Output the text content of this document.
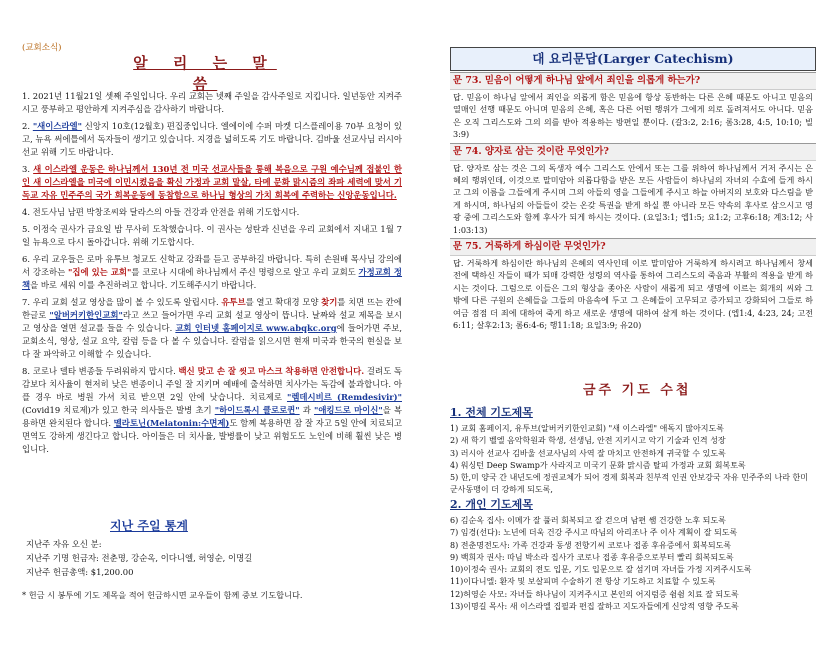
(교회소식)
알 리 는 말 씀
1. 2021년 11월21일 셋째 주일입니다. 우리 교회는 넷째 주일을 감사주일로 지킵니다. 일년동안 지켜주시고 풍부하고 평안하게 지켜주심을 감사하기 바랍니다.
2. "새이스라엘" 신앙지 10호(12월호) 편집중입니다. 엘에이에 수퍼 마켓 디스플레이용 70부 요청이 있고, 뉴욕 써에틀에서 독자들이 생기고 있습니다. 지경을 넓히도록 기도 바랍니다. 김바울 선교사님 러시아 선교 위해 기도 바랍니다.
3. 새 이스라엘 운동은 하나님께서 130년 전 미국 선교사들을 통해 복음으로 구원 예수님께 접붙인 한인 새 이스라엘을 미국에 이민시켰음을 확신 가정과 교회 말살, 타메 문화 맑시즘의 좌파 세력에 맞서 기독교 자유 민주주의 국가 회복운동에 동참함으로 하나님 형상의 가치 회복에 주력하는 신앙운동입니다.
4. 전도사님 남편 박창조씨와 달라스의 아들 건강과 안전을 위해 기도합시다.
5. 이정숙 권사가 금요일 밤 무사히 도착했습니다. 이 권사는 성탄과 신년을 우리 교회에서 지내고 1월 7일 뉴욕으로 다시 돌아갑니다. 위해 기도합시다.
6. 우리 교우들은 로마 유투브 청교도 신학교 강좌를 듣고 공부하길 바랍니다. 특히 손원배 목사님 강의에서 강조하는 "집에 있는 교회"를 코로나 시대에 하나님께서 주신 명령으로 알고 우리 교회도 가정교회 정책을 바로 세워 이를 추진하려고 합니다. 기도해주시기 바랍니다.
7. 우리 교회 설교 영상을 많이 볼 수 있도록 알립시다. 유투브를 열고 확대경 모양 찾기를 치면 뜨는 칸에 한글로 "알버커키한인교회"라고 쓰고 들어가면 우리 교회 설교 영상이 뜹니다. 날짜와 설교 제목을 보시고 영상을 열면 설교를 들을 수 있습니다. 교회 인터넷 홈페이지로 www.abqkc.org에 들어가면 주보, 교회소식, 영상, 설교 요약, 칼럼 등을 다 볼 수 있습니다. 칼럼을 읽으시면 현재 미국과 한국의 현실을 보다 잘 파악하고 이해할 수 있습니다.
8. 코로나 델타 변종들 두려워하지 맙시다. 백신 맞고 손 잘 씻고 마스크 착용하면 안전합니다. 걸려도 독감보다 치사율이 현저히 낮은 변종이니 주일 잘 지키며 예배에 출석하면 치사가는 독감에 불과합니다. 아플 경우 바로 병원 가셔 치료 받으면 2일 안에 낫습니다. 치료제로 "렘데시비르 (Remdesivir)" (Covid19 치료제)가 있고 한국 의사들은 발병 초기 "하이드록시 클로로퀸" 과 "애킹드로 마이신"을 복용하면 완치된다 합니다. 멜라토닌(Melatonin:수면제)도 함께 복용하면 잠 잘 자고 5일 안에 치료되고 면역도 강하게 생긴다고 합니다. 아이들은 더 치사율, 발병률이 낮고 위험도도 노인에 비해 훨씬 낮은 병입니다.
지난 주일 통계
지난주 자유 오신 분:
지난주 기명 헌금자: 전춘명, 강순옥, 이다니엘, 허영순, 이명길
지난주 헌금총액: $1,200.00
* 헌금 시 봉투에 기도 제목을 적어 헌금하시면 교우들이 함께 중보 기도합니다.
대 요리문답(Larger Catechism)
문 73. 믿음이 어떻게 하나님 앞에서 죄인을 의롭게 하는가?
답. 믿음이 하나님 앞에서 죄인을 의롭게 함은 믿음에 항상 동반하는 다른 은혜 때문도 아니고 믿음의 열매인 선행 때문도 아니며 믿음의 은혜, 혹은 다른 어떤 행위가 그에게 의로 돌려져서도 아니다. 믿음은 오직 그리스도와 그의 의를 받아 적용하는 방편일 뿐이다. (갈3:2, 2:16; 롬3:28, 4:5, 10:10; 빌3:9)
문 74. 양자로 삼는 것이란 무엇인가?
답. 양자로 삼는 것은 그의 독생자 예수 그리스도 안에서 또는 그를 위하여 하나님께서 거저 주시는 은혜의 행위인데, 이것으로 말미암아 의롭다함을 받은 모든 사람들이 하나님의 자녀의 수효에 들게 하시고 그의 이름을 그들에게 주시며 그의 아들의 영을 그들에게 주시고 하늘 아버지의 보호와 다스림을 받게 하시며, 하나님의 아들들이 갖는 온갖 특권을 받게 하실 뿐 아니라 모든 약속의 후사로 삼으시고 영광 중에 그리스도와 함께 후사가 되게 하시는 것이다. (요일3:1; 엡1:5; 요1:2; 고후6:18; 계3:12; 사1:03:13)
문 75. 거룩하게 하심이란 무엇인가?
답. 거룩하게 하심이란 하나님의 은혜의 역사인데 이로 말미암아 거룩하게 하시려고 하나님께서 창세 전에 택하신 자들이 때가 되매 강력한 성령의 역사를 통하여 그리스도의 죽음과 부활의 적용을 받게 하시는 것이다. 그럼으로 이들은 그의 형상을 좇아온 사람이 새롭게 되고 생명에 이르는 회개의 씨와 그 밖에 다른 구원의 은혜들을 그들의 마음속에 두고 그 은혜들이 고무되고 증가되고 강화되어 그들로 하여금 점점 더 죄에 대하여 죽게 하고 새로운 생명에 대하여 살게 하는 것이다. (엡1:4, 4:23, 24; 고전6:11; 살후2:13; 롬6:4-6; 행11:18; 요일3:9; 유20)
금주 기도 수첩
1. 전체 기도제목
1) 교회 홈페이지, 유투브(알버커키한인교회) "새 이스라엘" 애독지 많아지도록
2) 새 학기 벨엘 음악학원과 학생, 선생님, 안전 지키시고 악기 기술과 인격 성장
3) 러시아 선교사 김바울 선교사님의 사역 잘 마치고 안전하게 귀국할 수 있도록
4) 워싱턴 Deep Swamp가 사라지고 미국기 문화 맑시즘 탈피 가정과 교회 회복토록
5) 한,미 양국 간 내년도에 정권교체가 되어 경제 회복과 친부적 인권 안보강국 자유 민주주의 나라 한미 군사동맹이 더 강하게 되도록,
2. 개인 기도제목
6) 김순옥 집사: 이메가 잘 풀러 회복되고 잘 걷으며 남편 쌤 건강한 노후 되도록
7) 임경(선다): 노년에 더욱 건강 주시고 따님의 아리조나 주 이사 계획이 잘 되도록
8) 전춘명전도사: 가족 건강과 동생 전향기씨 코로나 접종 후유증에서 회복되도록
9) 백희자 권사: 따님 박소라 집사가 코로나 접종 후유증으로부터 빨리 회복되도록
10)이정숙 권사: 교회의 전도 입문, 기도 입문으로 잘 섬기며 자녀들 가정 지켜주시도록
11)이다니엘: 환자 및 보살피며 수술하기 전 항상 기도하고 치료할 수 있도록
12)허영순 사모: 자녀들 하나님이 지켜주시고 본인의 어지럼증 쉼쉼 치료 잘 되도록
13)이명길 목사: 새 이스라엘 집필과 편집 잘하고 지도자들에게 신앙적 영향 주도록
